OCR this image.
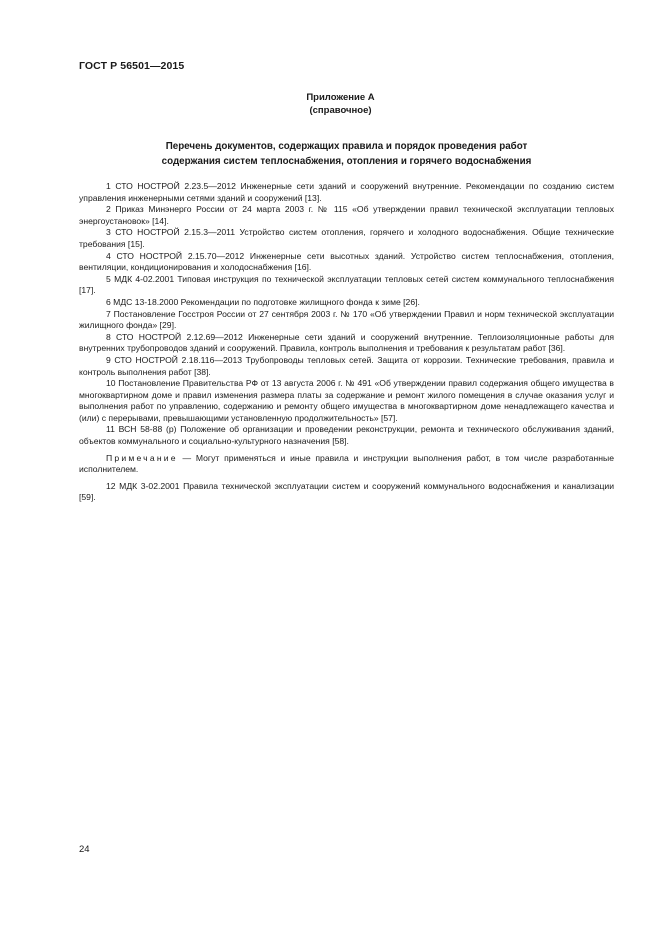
ГОСТ Р 56501—2015
Приложение А
(справочное)
Перечень документов, содержащих правила и порядок проведения работ
содержания систем теплоснабжения, отопления и горячего водоснабжения

1 СТО НОСТРОЙ 2.23.5—2012 Инженерные сети зданий и сооружений внутренние. Рекомендации по созданию систем управления инженерными сетями зданий и сооружений [13].

2 Приказ Минэнерго России от 24 марта 2003 г. № 115 «Об утверждении правил технической эксплуатации тепловых энергоустановок» [14].

3 СТО НОСТРОЙ 2.15.3—2011 Устройство систем отопления, горячего и холодного водоснабжения. Общие технические требования [15].

4 СТО НОСТРОЙ 2.15.70—2012 Инженерные сети высотных зданий. Устройство систем теплоснабжения, отопления, вентиляции, кондиционирования и холодоснабжения [16].

5 МДК 4-02.2001 Типовая инструкция по технической эксплуатации тепловых сетей систем коммунального теплоснабжения [17].

6 МДС 13-18.2000 Рекомендации по подготовке жилищного фонда к зиме [26].

7 Постановление Госстроя России от 27 сентября 2003 г. № 170 «Об утверждении Правил и норм технической эксплуатации жилищного фонда» [29].

8 СТО НОСТРОЙ 2.12.69—2012 Инженерные сети зданий и сооружений внутренние. Теплоизоляционные работы для внутренних трубопроводов зданий и сооружений. Правила, контроль выполнения и требования к результатам работ [36].

9 СТО НОСТРОЙ 2.18.116—2013 Трубопроводы тепловых сетей. Защита от коррозии. Технические требования, правила и контроль выполнения работ [38].

10 Постановление Правительства РФ от 13 августа 2006 г. № 491 «Об утверждении правил содержания общего имущества в многоквартирном доме и правил изменения размера платы за содержание и ремонт жилого помещения в случае оказания услуг и выполнения работ по управлению, содержанию и ремонту общего имущества в многоквартирном доме ненадлежащего качества и (или) с перерывами, превышающими установленную продолжительность» [57].

11 ВСН 58-88 (р) Положение об организации и проведении реконструкции, ремонта и технического обслуживания зданий, объектов коммунального и социально-культурного назначения [58].

Примечание — Могут применяться и иные правила и инструкции выполнения работ, в том числе разработанные исполнителем.

12 МДК 3-02.2001 Правила технической эксплуатации систем и сооружений коммунального водоснабжения и канализации [59].

24
